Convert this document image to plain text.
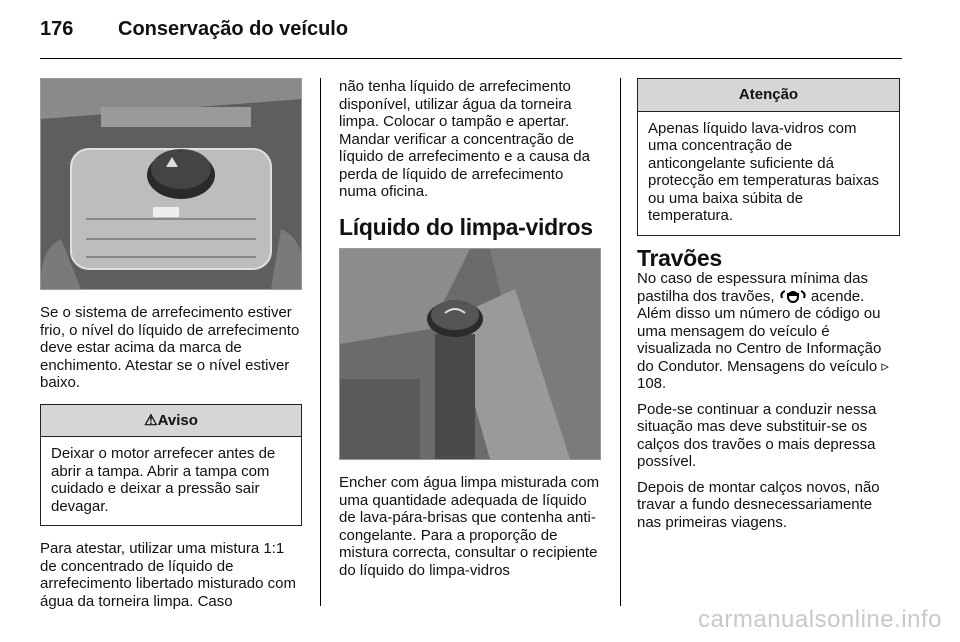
176 Conservação do veículo

Se o sistema de arrefecimento estiver frio, o nível do líquido de arrefecimento deve estar acima da marca de enchimento. Atestar se o nível estiver baixo.

⚠Aviso
Deixar o motor arrefecer antes de abrir a tampa. Abrir a tampa com cuidado e deixar a pressão sair devagar.

Para atestar, utilizar uma mistura 1:1 de concentrado de líquido de arrefecimento libertado misturado com água da torneira limpa. Caso

não tenha líquido de arrefecimento disponível, utilizar água da torneira limpa. Colocar o tampão e apertar. Mandar verificar a concentração de líquido de arrefecimento e a causa da perda de líquido de arrefecimento numa oficina.

Líquido do limpa-vidros

Encher com água limpa misturada com uma quantidade adequada de líquido de lava-pára-brisas que contenha anti-congelante. Para a proporção de mistura correcta, consultar o recipiente do líquido do limpa-vidros

Atenção
Apenas líquido lava-vidros com uma concentração de anticongelante suficiente dá protecção em temperaturas baixas ou uma baixa súbita de temperatura.
Travões

No caso de espessura mínima das pastilha dos travões, acende. Além disso um número de código ou uma mensagem do veículo é visualizada no Centro de Informação do Condutor. Mensagens do veículo ▹ 108.

Pode-se continuar a conduzir nessa situação mas deve substituir-se os calços dos travões o mais depressa possível.

Depois de montar calços novos, não travar a fundo desnecessariamente nas primeiras viagens.

carmanualsonline.info
